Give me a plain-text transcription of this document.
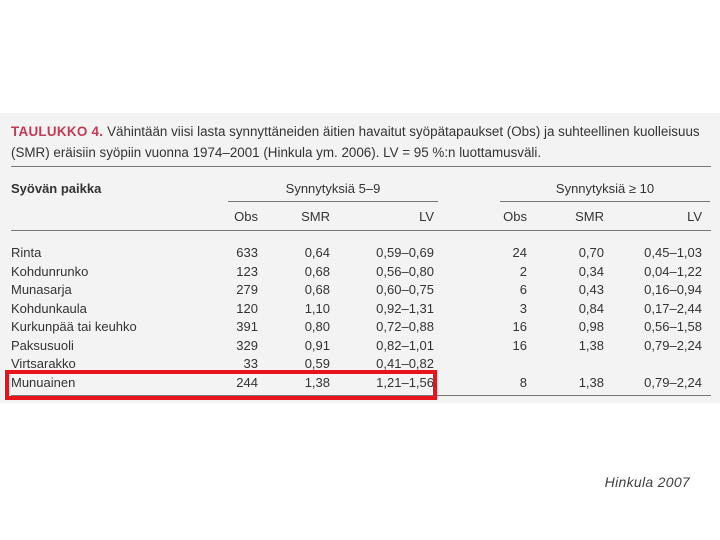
TAULUKKO 4. Vähintään viisi lasta synnyttäneiden äitien havaitut syöpätapaukset (Obs) ja suhteellinen kuolleisuus
(SMR) eräisiin syöpiin vuonna 1974–2001 (Hinkula ym. 2006). LV = 95 %:n luottamusväli.
Syövän paikka	Synnytyksiä 5–9	Synnytyksiä ≥ 10
Obs	SMR	LV	Obs	SMR	LV
Rinta	633	0,64	0,59–0,69	24	0,70	0,45–1,03
Kohdunrunko	123	0,68	0,56–0,80	2	0,34	0,04–1,22
Munasarja	279	0,68	0,60–0,75	6	0,43	0,16–0,94
Kohdunkaula	120	1,10	0,92–1,31	3	0,84	0,17–2,44
Kurkunpää tai keuhko	391	0,80	0,72–0,88	16	0,98	0,56–1,58
Paksusuoli	329	0,91	0,82–1,01	16	1,38	0,79–2,24
Virtsarakko	33	0,59	0,41–0,82
Munuainen	244	1,38	1,21–1,56	8	1,38	0,79–2,24
Hinkula 2007
